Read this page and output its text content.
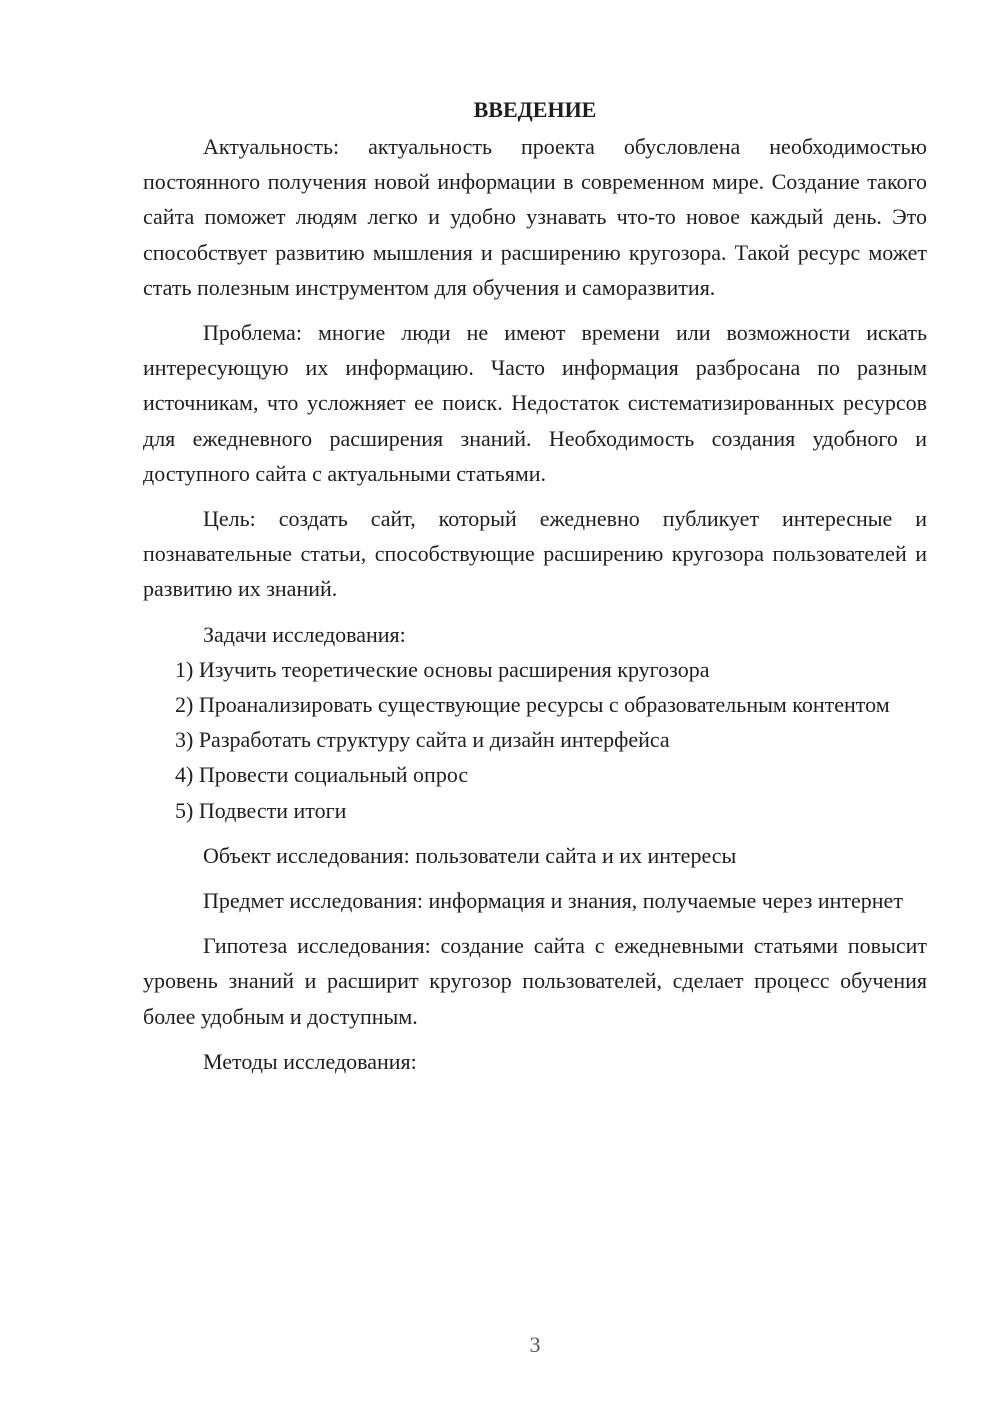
ВВЕДЕНИЕ

Актуальность: актуальность проекта обусловлена необходимостью постоянного получения новой информации в современном мире. Создание такого сайта поможет людям легко и удобно узнавать что-то новое каждый день. Это способствует развитию мышления и расширению кругозора. Такой ресурс может стать полезным инструментом для обучения и саморазвития.

Проблема: многие люди не имеют времени или возможности искать интересующую их информацию. Часто информация разбросана по разным источникам, что усложняет ее поиск. Недостаток систематизированных ресурсов для ежедневного расширения знаний. Необходимость создания удобного и доступного сайта с актуальными статьями.

Цель: создать сайт, который ежедневно публикует интересные и познавательные статьи, способствующие расширению кругозора пользователей и развитию их знаний.

Задачи исследования:

1) Изучить теоретические основы расширения кругозора

2) Проанализировать существующие ресурсы с образовательным контентом

3) Разработать структуру сайта и дизайн интерфейса

4) Провести социальный опрос

5) Подвести итоги

Объект исследования: пользователи сайта и их интересы

Предмет исследования: информация и знания, получаемые через интернет

Гипотеза исследования: создание сайта с ежедневными статьями повысит уровень знаний и расширит кругозор пользователей, сделает процесс обучения более удобным и доступным.

Методы исследования:

3
